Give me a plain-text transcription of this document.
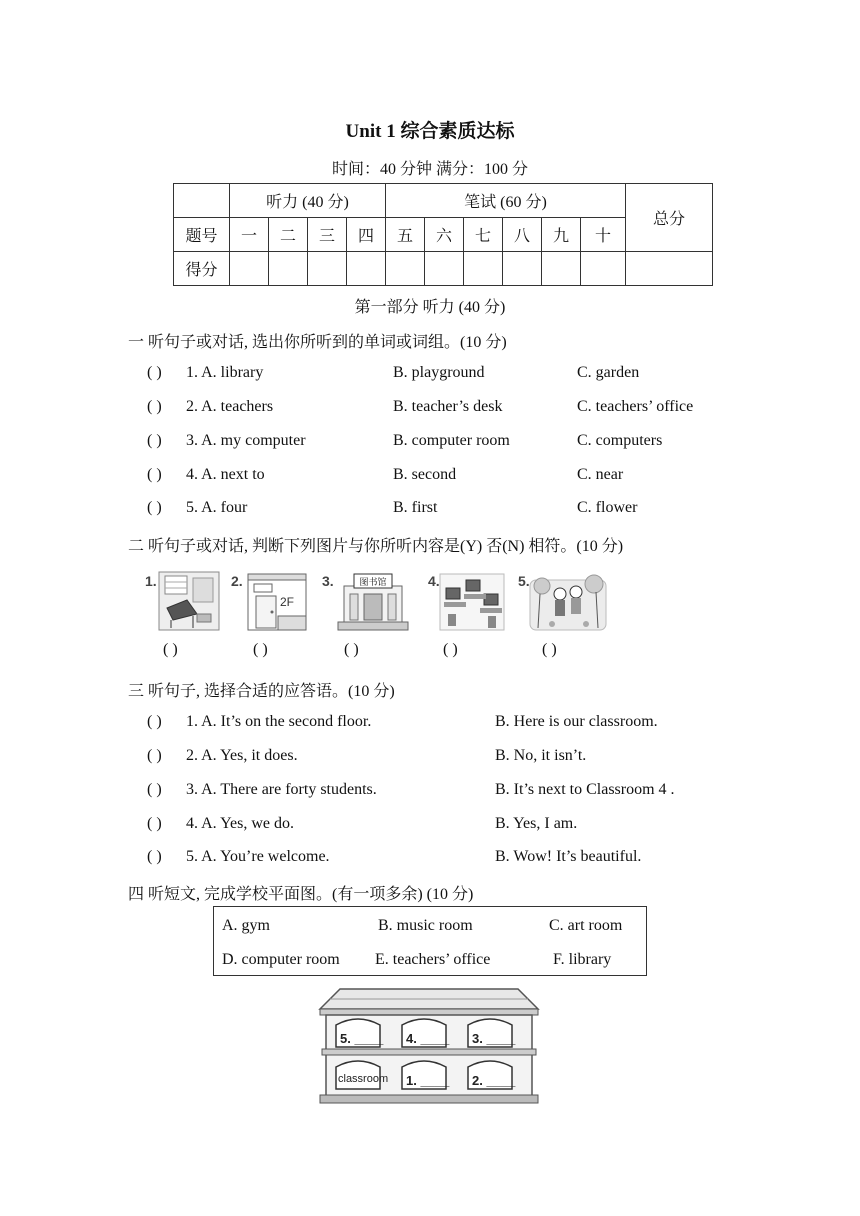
Unit 1 综合素质达标
时间：40 分钟 满分：100 分
	听力 (40 分)				笔试 (60 分)						总分
题号	一	二	三	四	五	六	七	八	九	十	
得分											
第一部分 听力 (40 分)
一 听句子或对话, 选出你所听到的单词或词组。(10 分)
( ) 1. A. library	B. playground	C. garden
( ) 2. A. teachers	B. teacher’s desk	C. teachers’ office
( ) 3. A. my computer	B. computer room	C. computers
( ) 4. A. next to	B. second	C. near
( ) 5. A. four	B. first	C. flower
二 听句子或对话, 判断下列图片与你所听内容是(Y) 否(N) 相符。(10 分)
1.	2.
2F
3.	图书馆	4.	5.
( )	( )	( )	( )	( )
三 听句子, 选择合适的应答语。(10 分)
( ) 1. A. It’s on the second floor.	B. Here is our classroom.
( ) 2. A. Yes, it does.	B. No, it isn’t.
( ) 3. A. There are forty students.	B. It’s next to Classroom 4 .
( ) 4. A. Yes, we do.	B. Yes, I am.
( ) 5. A. You’re welcome.	B. Wow! It’s beautiful.
四 听短文, 完成学校平面图。(有一项多余) (10 分)
A. gym	B. music room	C. art room
D. computer room E. teachers’ office	F. library
5. ____ 4. ____ 3. ____
classroom 1. ____ 2. ____
